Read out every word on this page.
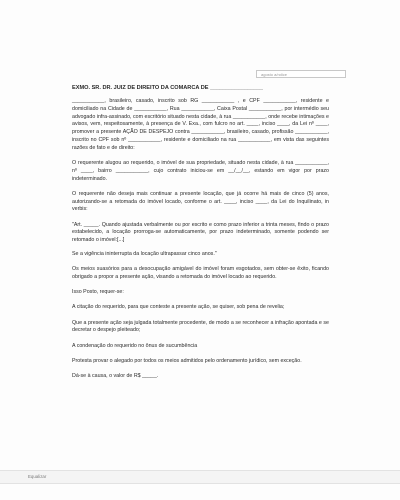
agosto a/ndice

EXMO. SR. DR. JUIZ DE DIREITO DA COMARCA DE _________________

___________, brasileiro, casado, inscrito sob RG ___________ , e CPF ___________, residente e domiciliado na Cidade de ___________, Rua ___________, Caixa Postal ___________, por intermédio seu advogado infra-assinado, com escritório situado nesta cidade, à rua ___________, onde recebe intimações e avisos, vem, respeitosamente, à presença de V. Exa., com fulcro no art. ____, inciso ____, da Lei nº ____, promover a presente AÇÃO DE DESPEJO contra ___________, brasileiro, casado, profissão ___________, inscrito no CPF sob nº ___________, residente e domiciliado na rua ___________, em vista das seguintes razões de fato e de direito:

O requerente alugou ao requerido, o imóvel de sua propriedade, situado nesta cidade, à rua ___________, nº ____, bairro ___________, cujo contrato iniciou-se em __/__/__, estando em vigor por prazo indeterminado.

O requerente não deseja mais continuar a presente locação, que já ocorre há mais de cinco (5) anos, autorizando-se a retomada do imóvel locado, conforme o art. ____, inciso ____, da Lei do Inquilinato, in verbis:

"Art. _____. Quando ajustada verbalmente ou por escrito e como prazo inferior a trinta meses, findo o prazo estabelecido, a locação prorroga-se automaticamente, por prazo indeterminado, somente podendo ser retomado o imóvel:[...]

Se a vigência ininterrupta da locação ultrapassar cinco anos."

Os meios suasórios para a desocupação amigável do imóvel foram esgotados, sem obter-se êxito, ficando obrigado a propor a presente ação, visando a retomada do imóvel locado ao requerido.

Isso Posto, requer-se:

A citação do requerido, para que conteste a presente ação, se quiser, sob pena de revelia;

Que a presente ação seja julgada totalmente procedente, de modo a se reconhecer a infração apontada e se decretar o despejo pleiteado;

A condenação do requerido no ônus de sucumbência

Protesta provar o alegado por todos os meios admitidos pelo ordenamento jurídico, sem exceção.

Dá-se à causa, o valor de R$ _____.

Equalizar
